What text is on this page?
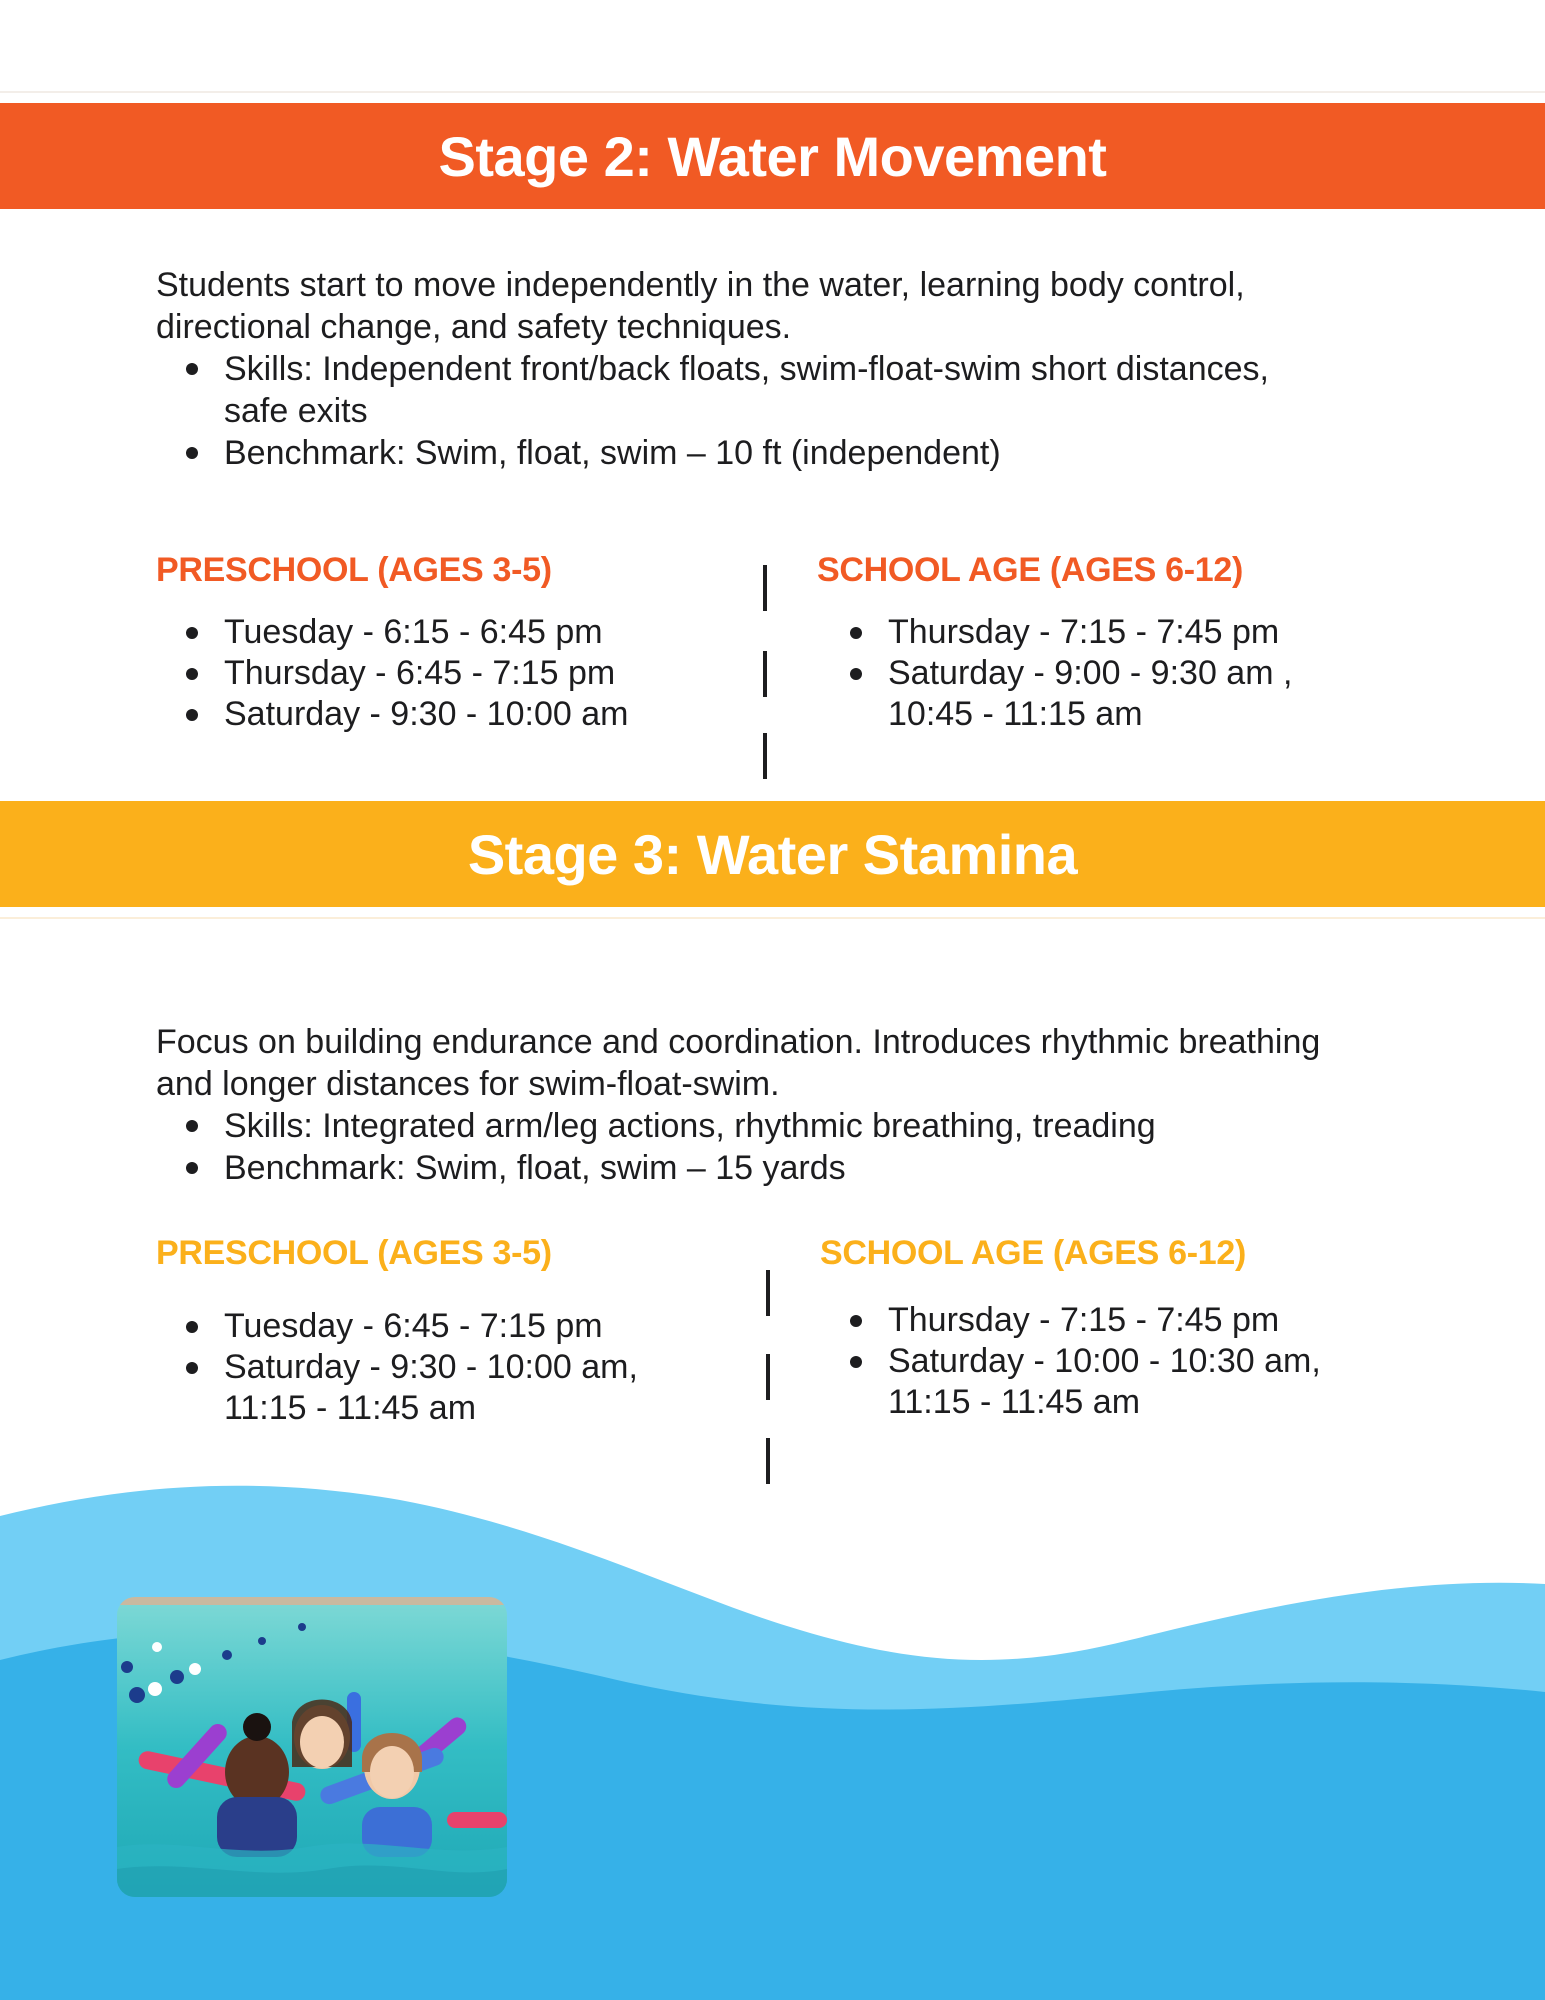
Stage 2: Water Movement

Students start to move independently in the water, learning body control,

directional change, and safety techniques.

Skills: Independent front/back floats, swim-float-swim short distances, safe exits
Benchmark: Swim, float, swim – 10 ft (independent)
PRESCHOOL (AGES 3-5)
Tuesday - 6:15 - 6:45 pm
Thursday - 6:45 - 7:15 pm
Saturday - 9:30 - 10:00 am
SCHOOL AGE (AGES 6-12)
Thursday - 7:15 - 7:45 pm
Saturday - 9:00 - 9:30 am , 10:45 - 11:15 am
Stage 3: Water Stamina

Focus on building endurance and coordination. Introduces rhythmic breathing

and longer distances for swim-float-swim.

Skills: Integrated arm/leg actions, rhythmic breathing, treading
Benchmark: Swim, float, swim – 15 yards
PRESCHOOL (AGES 3-5)
Tuesday - 6:45 - 7:15 pm
Saturday - 9:30 - 10:00 am, 11:15 - 11:45 am
SCHOOL AGE (AGES 6-12)
Thursday - 7:15 - 7:45 pm
Saturday - 10:00 - 10:30 am, 11:15 - 11:45 am
